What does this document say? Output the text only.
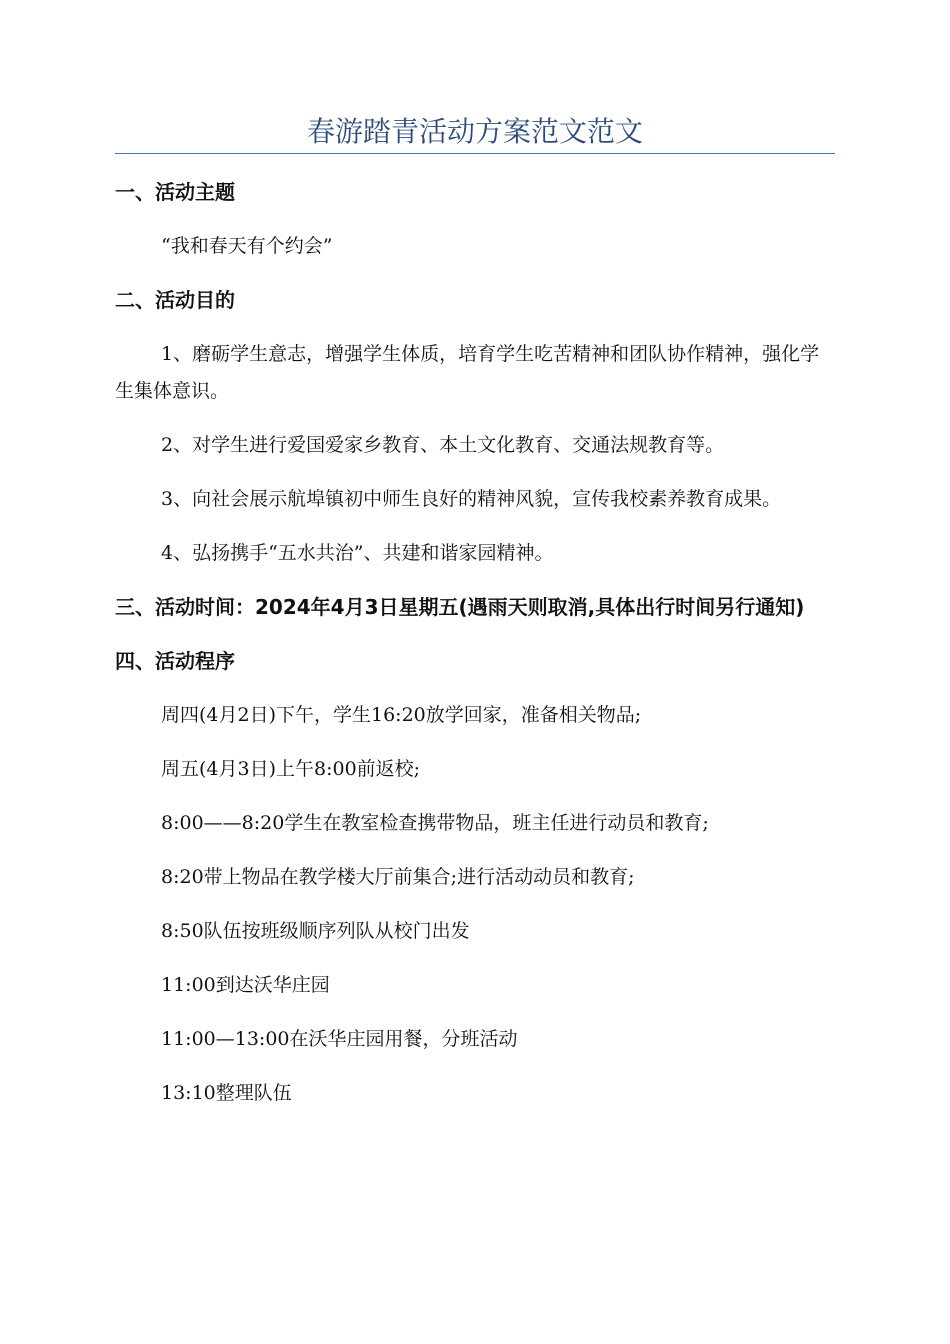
春游踏青活动方案范文范文
一、活动主题
“我和春天有个约会”
二、活动目的
1、磨砺学生意志，增强学生体质，培育学生吃苦精神和团队协作精神，强化学生集体意识。
2、对学生进行爱国爱家乡教育、本土文化教育、交通法规教育等。
3、向社会展示航埠镇初中师生良好的精神风貌，宣传我校素养教育成果。
4、弘扬携手“五水共治”、共建和谐家园精神。
三、活动时间：2024年4月3日星期五(遇雨天则取消,具体出行时间另行通知)
四、活动程序
周四(4月2日)下午，学生16:20放学回家，准备相关物品;
周五(4月3日)上午8:00前返校;
8:00——8:20学生在教室检查携带物品，班主任进行动员和教育;
8:20带上物品在教学楼大厅前集合;进行活动动员和教育;
8:50队伍按班级顺序列队从校门出发
11:00到达沃华庄园
11:00—13:00在沃华庄园用餐，分班活动
13:10整理队伍
